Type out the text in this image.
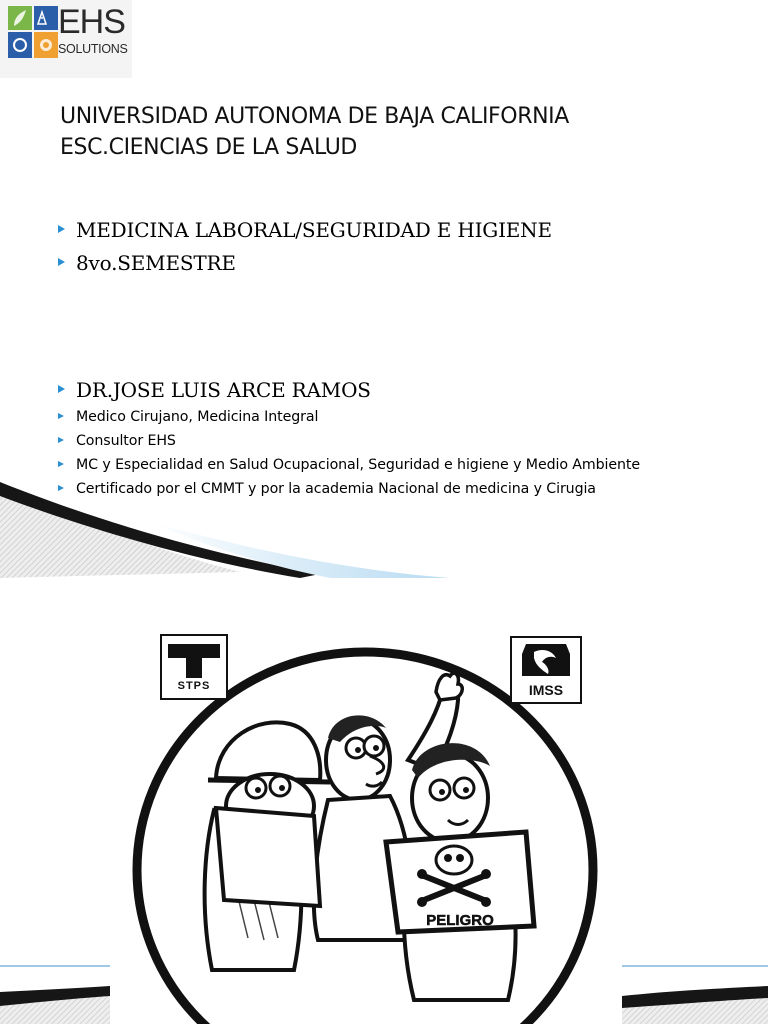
EHS
SOLUTIONS
UNIVERSIDAD AUTONOMA DE BAJA CALIFORNIA
ESC.CIENCIAS DE LA SALUD
MEDICINA LABORAL/SEGURIDAD E HIGIENE
8vo.SEMESTRE
DR.JOSE LUIS ARCE RAMOS
Medico Cirujano, Medicina Integral
Consultor EHS
MC y Especialidad en Salud Ocupacional, Seguridad e higiene y Medio Ambiente
Certificado por el CMMT y por la academia Nacional de medicina y Cirugia
PELIGRO
STPS	IMSS
